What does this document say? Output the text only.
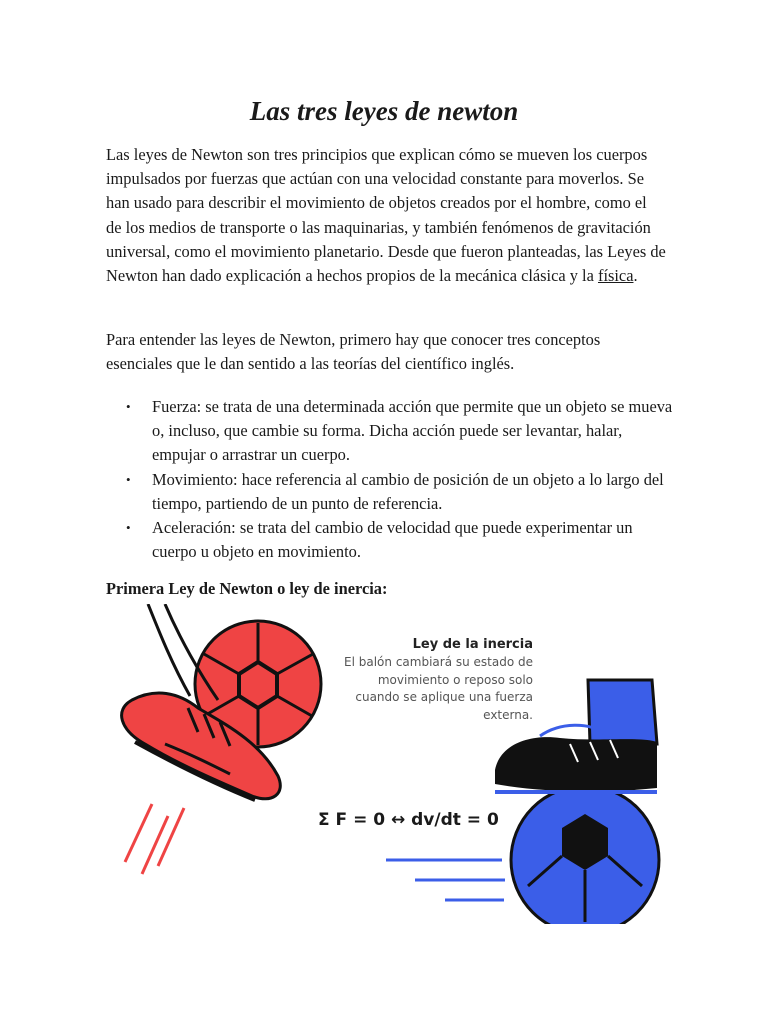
Las tres leyes de newton

Las leyes de Newton son tres principios que explican cómo se mueven los cuerpos impulsados por fuerzas que actúan con una velocidad constante para moverlos. Se han usado para describir el movimiento de objetos creados por el hombre, como el de los medios de transporte o las maquinarias, y también fenómenos de gravitación universal, como el movimiento planetario. Desde que fueron planteadas, las Leyes de Newton han dado explicación a hechos propios de la mecánica clásica y la física.

Para entender las leyes de Newton, primero hay que conocer tres conceptos esenciales que le dan sentido a las teorías del científico inglés.

• Fuerza: se trata de una determinada acción que permite que un objeto se mueva o, incluso, que cambie su forma. Dicha acción puede ser levantar, halar, empujar o arrastrar un cuerpo.
• Movimiento: hace referencia al cambio de posición de un objeto a lo largo del tiempo, partiendo de un punto de referencia.
• Aceleración: se trata del cambio de velocidad que puede experimentar un cuerpo u objeto en movimiento.
Primera Ley de Newton o ley de inercia:

Ley de la inercia

El balón cambiará su estado de movimiento o reposo solo cuando se aplique una fuerza externa.

Σ F = 0 ↔ dv/dt = 0
